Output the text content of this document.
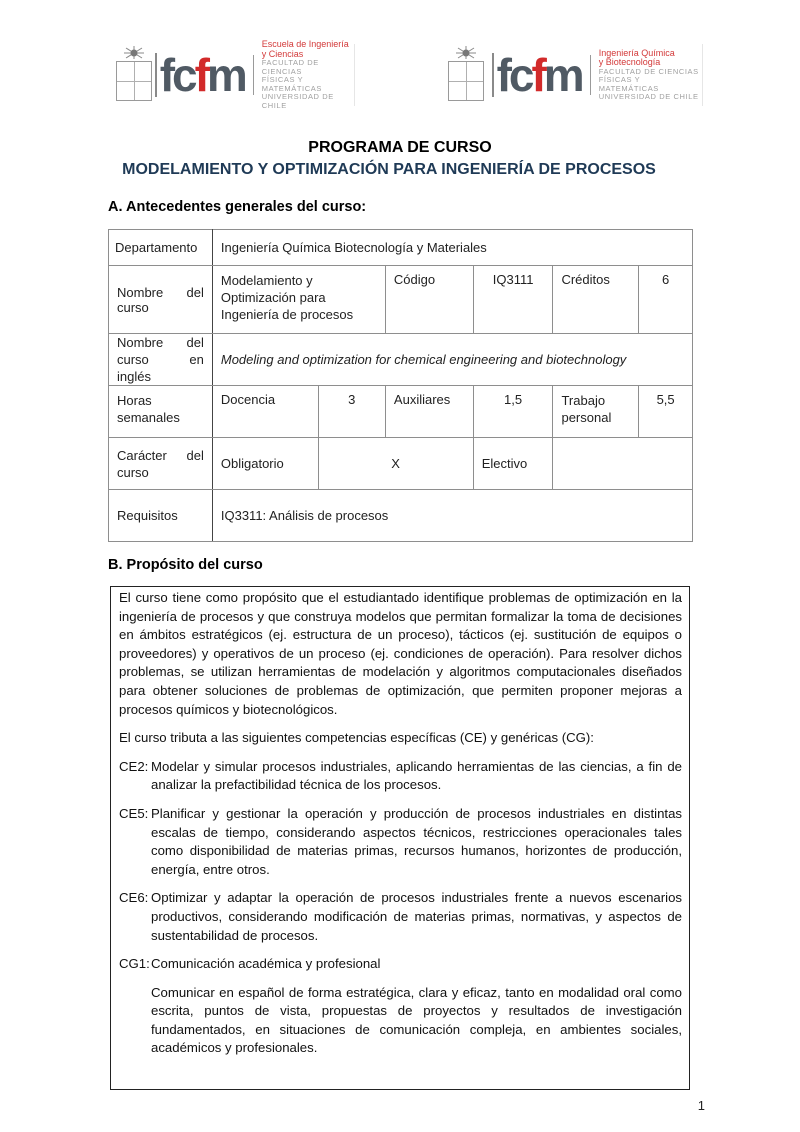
fcfm
Escuela de Ingeniería
y Ciencias
FACULTAD DE CIENCIAS
FÍSICAS Y MATEMÁTICAS
UNIVERSIDAD DE CHILE
fcfm Ingeniería Química
y Biotecnología
FACULTAD DE CIENCIAS
FÍSICAS Y MATEMÁTICAS
UNIVERSIDAD DE CHILE
PROGRAMA DE CURSO
MODELAMIENTO Y OPTIMIZACIÓN PARA INGENIERÍA DE PROCESOS
A. Antecedentes generales del curso:
Departamento	Ingeniería Química Biotecnología y Materiales					

Nombre del curso	Modelamiento y Optimización para Ingeniería de procesos		Código	IQ3111	Créditos	6

Nombre del curso en inglés	Modeling and optimization for chemical engineering and biotechnology					
Horas semanales	Docencia	3	Auxiliares	1,5	Trabajo personal	5,5

Carácter del curso	Obligatorio	X		Electivo		
Requisitos	IQ3311: Análisis de procesos					
B. Propósito del curso

El curso tiene como propósito que el estudiantado identifique problemas de optimización en la ingeniería de procesos y que construya modelos que permitan formalizar la toma de decisiones en ámbitos estratégicos (ej. estructura de un proceso), tácticos (ej. sustitución de equipos o proveedores) y operativos de un proceso (ej. condiciones de operación). Para resolver dichos problemas, se utilizan herramientas de modelación y algoritmos computacionales diseñados para obtener soluciones de problemas de optimización, que permiten proponer mejoras a procesos químicos y biotecnológicos.

El curso tributa a las siguientes competencias específicas (CE) y genéricas (CG):

CE2: Modelar y simular procesos industriales, aplicando herramientas de las ciencias, a fin de analizar la prefactibilidad técnica de los procesos.
CE5: Planificar y gestionar la operación y producción de procesos industriales en distintas escalas de tiempo, considerando aspectos técnicos, restricciones operacionales tales como disponibilidad de materias primas, recursos humanos, horizontes de producción, energía, entre otros.
CE6: Optimizar y adaptar la operación de procesos industriales frente a nuevos escenarios productivos, considerando modificación de materias primas, normativas, y aspectos de sustentabilidad de procesos.
CG1: Comunicación académica y profesional

Comunicar en español de forma estratégica, clara y eficaz, tanto en modalidad oral como escrita, puntos de vista, propuestas de proyectos y resultados de investigación fundamentados, en situaciones de comunicación compleja, en ambientes sociales, académicos y profesionales.

1
